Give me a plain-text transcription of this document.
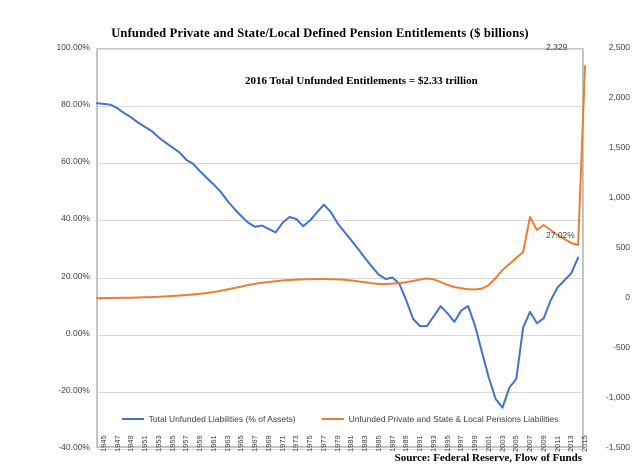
Unfunded Private and State/Local Defined Pension Entitlements ($ billions)
-40.00%
-20.00%
0.00%
20.00%
40.00%
60.00%
80.00%
100.00%
-1,500
-1,000
-500
0
500
1,000
1,500
2,000
2,500
1945 1947 1949 1951 1953 1955 1957 1959 1961 1963 1965 1967 1969 1971 1973 1975 1977 1979 1981 1983 1985 1987 1989 1991 1993 1995 1997 1999 2001 2003 2005 2007 2009 2011 2013 2015
2016 Total Unfunded Entitlements = $2.33 trillion
2,329
27.02%
Total Unfunded Liabilities (% of Assets)	Unfunded Private and State & Local Pensions Liabilities
Source: Federal Reserve, Flow of Funds
